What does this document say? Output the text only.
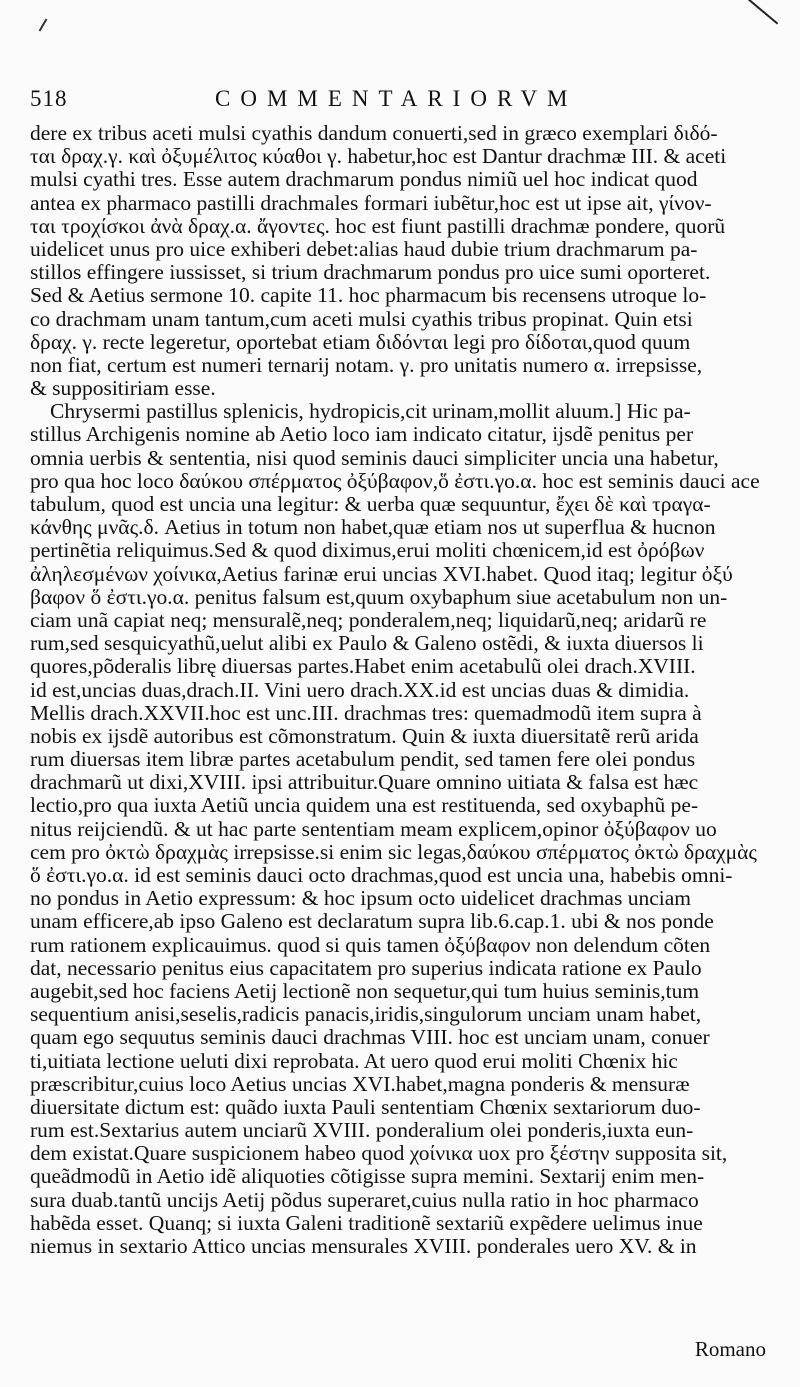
518	COMMENTARIORVM
dere ex tribus aceti mulsi cyathis dandum conuerti,sed in græco exemplari διδό-
ται δραχ.γ. καὶ ὀξυμέλιτος κύαθοι γ. habetur,hoc est Dantur drachmæ III. & aceti
mulsi cyathi tres. Esse autem drachmarum pondus nimiũ uel hoc indicat quod
antea ex pharmaco pastilli drachmales formari iubẽtur,hoc est ut ipse ait, γίνον-
ται τροχίσκοι ἀνὰ δραχ.α. ἄγοντες. hoc est fiunt pastilli drachmæ pondere, quorũ
uidelicet unus pro uice exhiberi debet:alias haud dubie trium drachmarum pa-
stillos effingere iussisset, si trium drachmarum pondus pro uice sumi oporteret.
Sed & Aetius sermone 10. capite 11. hoc pharmacum bis recensens utroque lo-
co drachmam unam tantum,cum aceti mulsi cyathis tribus propinat. Quin etsi
δραχ. γ. recte legeretur, oportebat etiam διδόνται legi pro δίδοται,quod quum
non fiat, certum est numeri ternarij notam. γ. pro unitatis numero α. irrepsisse,
& suppositiriam esse.
Chrysermi pastillus splenicis, hydropicis,cit urinam,mollit aluum.] Hic pa-
stillus Archigenis nomine ab Aetio loco iam indicato citatur, ijsdẽ penitus per
omnia uerbis & sententia, nisi quod seminis dauci simpliciter uncia una habetur,
pro qua hoc loco δαύκου σπέρματος ὀξύβαφον,ὅ ἐστι.γο.α. hoc est seminis dauci ace
tabulum, quod est uncia una legitur: & uerba quæ sequuntur, ἔχει δὲ καὶ τραγα-
κάνθης μνᾶς.δ. Aetius in totum non habet,quæ etiam nos ut superflua & hucnon
pertinẽtia reliquimus.Sed & quod diximus,erui moliti chœnicem,id est ὀρόβων
ἀληλεσμένων χοίνικα,Aetius farinæ erui uncias XVI.habet. Quod itaq; legitur ὀξύ
βαφον ὅ ἐστι.γο.α. penitus falsum est,quum oxybaphum siue acetabulum non un-
ciam unã capiat neq; mensuralẽ,neq; ponderalem,neq; liquidarũ,neq; aridarũ re
rum,sed sesquicyathũ,uelut alibi ex Paulo & Galeno ostẽdi, & iuxta diuersos li
quores,põderalis librę diuersas partes.Habet enim acetabulũ olei drach.XVIII.
id est,uncias duas,drach.II. Vini uero drach.XX.id est uncias duas & dimidia.
Mellis drach.XXVII.hoc est unc.III. drachmas tres: quemadmodũ item supra à
nobis ex ijsdẽ autoribus est cõmonstratum. Quin & iuxta diuersitatẽ rerũ arida
rum diuersas item libræ partes acetabulum pendit, sed tamen fere olei pondus
drachmarũ ut dixi,XVIII. ipsi attribuitur.Quare omnino uitiata & falsa est hæc
lectio,pro qua iuxta Aetiũ uncia quidem una est restituenda, sed oxybaphũ pe-
nitus reijciendũ. & ut hac parte sententiam meam explicem,opinor ὀξύβαφον uo
cem pro ὀκτὼ δραχμὰς irrepsisse.si enim sic legas,δαύκου σπέρματος ὀκτὼ δραχμὰς
ὅ ἐστι.γο.α. id est seminis dauci octo drachmas,quod est uncia una, habebis omni-
no pondus in Aetio expressum: & hoc ipsum octo uidelicet drachmas unciam
unam efficere,ab ipso Galeno est declaratum supra lib.6.cap.1. ubi & nos ponde
rum rationem explicauimus. quod si quis tamen ὀξύβαφον non delendum cõten
dat, necessario penitus eius capacitatem pro superius indicata ratione ex Paulo
augebit,sed hoc faciens Aetij lectionẽ non sequetur,qui tum huius seminis,tum
sequentium anisi,seselis,radicis panacis,iridis,singulorum unciam unam habet,
quam ego sequutus seminis dauci drachmas VIII. hoc est unciam unam, conuer
ti,uitiata lectione ueluti dixi reprobata. At uero quod erui moliti Chœnix hic
præscribitur,cuius loco Aetius uncias XVI.habet,magna ponderis & mensuræ
diuersitate dictum est: quãdo iuxta Pauli sententiam Chœnix sextariorum duo-
rum est.Sextarius autem unciarũ XVIII. ponderalium olei ponderis,iuxta eun-
dem existat.Quare suspicionem habeo quod χοίνικα uox pro ξέστην supposita sit,
queãdmodũ in Aetio idẽ aliquoties cõtigisse supra memini. Sextarij enim men-
sura duab.tantũ uncijs Aetij põdus superaret,cuius nulla ratio in hoc pharmaco
habẽda esset. Quanq; si iuxta Galeni traditionẽ sextariũ expẽdere uelimus inue
niemus in sextario Attico uncias mensurales XVIII. ponderales uero XV. & in
Romano
